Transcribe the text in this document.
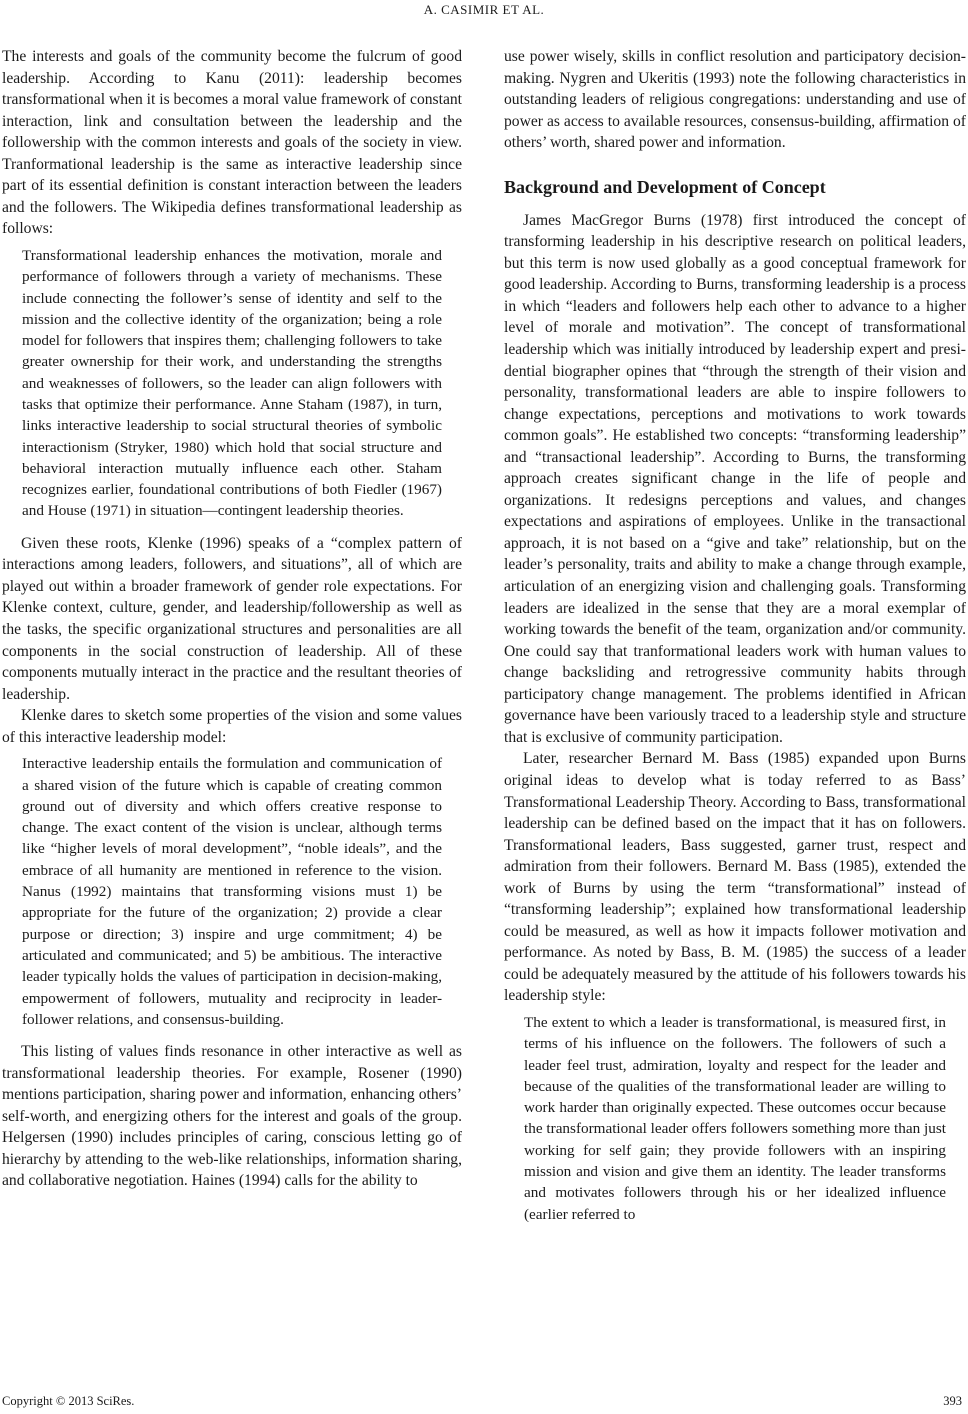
A. CASIMIR ET AL.

The interests and goals of the community become the fulcrum of good leadership. According to Kanu (2011): leadership becomes transformational when it is becomes a moral value framework of constant interaction, link and consultation between the leadership and the followership with the common interests and goals of the society in view. Tranformational leadership is the same as interactive leadership since part of its essential definition is constant interaction between the leaders and the followers. The Wikipedia defines transformational leadership as follows:

Transformational leadership enhances the motivation, morale and performance of followers through a variety of mechanisms. These include connecting the follower’s sense of identity and self to the mission and the collective identity of the organization; being a role model for followers that inspires them; challenging followers to take greater ownership for their work, and understanding the strengths and weaknesses of followers, so the leader can align followers with tasks that optimize their performance. Anne Staham (1987), in turn, links interactive leadership to social structural theories of symbolic interactionism (Stryker, 1980) which hold that social structure and behavioral interaction mutually influence each other. Staham recognizes earlier, foundational contributions of both Fiedler (1967) and House (1971) in situation—contingent leadership theories.

Given these roots, Klenke (1996) speaks of a “complex pattern of interactions among leaders, followers, and situations”, all of which are played out within a broader framework of gender role expectations. For Klenke context, culture, gender, and leadership/followership as well as the tasks, the specific organizational structures and personalities are all components in the social construction of leadership. All of these components mutually interact in the practice and the resultant theories of leadership.

Klenke dares to sketch some properties of the vision and some values of this interactive leadership model:

Interactive leadership entails the formulation and communication of a shared vision of the future which is capable of creating common ground out of diversity and which offers creative response to change. The exact content of the vision is unclear, although terms like “higher levels of moral development”, “noble ideals”, and the embrace of all humanity are mentioned in reference to the vision. Nanus (1992) maintains that transforming visions must 1) be appropriate for the future of the organization; 2) provide a clear purpose or direction; 3) inspire and urge commitment; 4) be articulated and communicated; and 5) be ambitious. The interactive leader typically holds the values of participation in decision-making, empowerment of followers, mutuality and reciprocity in leader-follower relations, and consensus-building.

This listing of values finds resonance in other interactive as well as transformational leadership theories. For example, Rosener (1990) mentions participation, sharing power and information, enhancing others’ self-worth, and energizing others for the interest and goals of the group. Helgersen (1990) includes principles of caring, conscious letting go of hierarchy by attending to the web-like relationships, information sharing, and collaborative negotiation. Haines (1994) calls for the ability to

use power wisely, skills in conflict resolution and participatory decision-making. Nygren and Ukeritis (1993) note the following characteristics in outstanding leaders of religious congregations: understanding and use of power as access to available resources, consensus-building, affirmation of others’ worth, shared power and information.

Background and Development of Concept

James MacGregor Burns (1978) first introduced the concept of transforming leadership in his descriptive research on political leaders, but this term is now used globally as a good conceptual framework for good leadership. According to Burns, transforming leadership is a process in which “leaders and followers help each other to advance to a higher level of morale and motivation”. The concept of transformational leadership which was initially introduced by leadership expert and presidential biographer opines that “through the strength of their vision and personality, transformational leaders are able to inspire followers to change expectations, perceptions and motivations to work towards common goals”. He established two concepts: “transforming leadership” and “transactional leadership”. According to Burns, the transforming approach creates significant change in the life of people and organizations. It redesigns perceptions and values, and changes expectations and aspirations of employees. Unlike in the transactional approach, it is not based on a “give and take” relationship, but on the leader’s personality, traits and ability to make a change through example, articulation of an energizing vision and challenging goals. Transforming leaders are idealized in the sense that they are a moral exemplar of working towards the benefit of the team, organization and/or community. One could say that tranformational leaders work with human values to change backsliding and retrogressive community habits through participatory change management. The problems identified in African governance have been variously traced to a leadership style and structure that is exclusive of community participation.

Later, researcher Bernard M. Bass (1985) expanded upon Burns original ideas to develop what is today referred to as Bass’ Transformational Leadership Theory. According to Bass, transformational leadership can be defined based on the impact that it has on followers. Transformational leaders, Bass suggested, garner trust, respect and admiration from their followers. Bernard M. Bass (1985), extended the work of Burns by using the term “transformational” instead of “transforming leadership”; explained how transformational leadership could be measured, as well as how it impacts follower motivation and performance. As noted by Bass, B. M. (1985) the success of a leader could be adequately measured by the attitude of his followers towards his leadership style:

The extent to which a leader is transformational, is measured first, in terms of his influence on the followers. The followers of such a leader feel trust, admiration, loyalty and respect for the leader and because of the qualities of the transformational leader are willing to work harder than originally expected. These outcomes occur because the transformational leader offers followers something more than just working for self gain; they provide followers with an inspiring mission and vision and give them an identity. The leader transforms and motivates followers through his or her idealized influence (earlier referred to

Copyright © 2013 SciRes.	393
